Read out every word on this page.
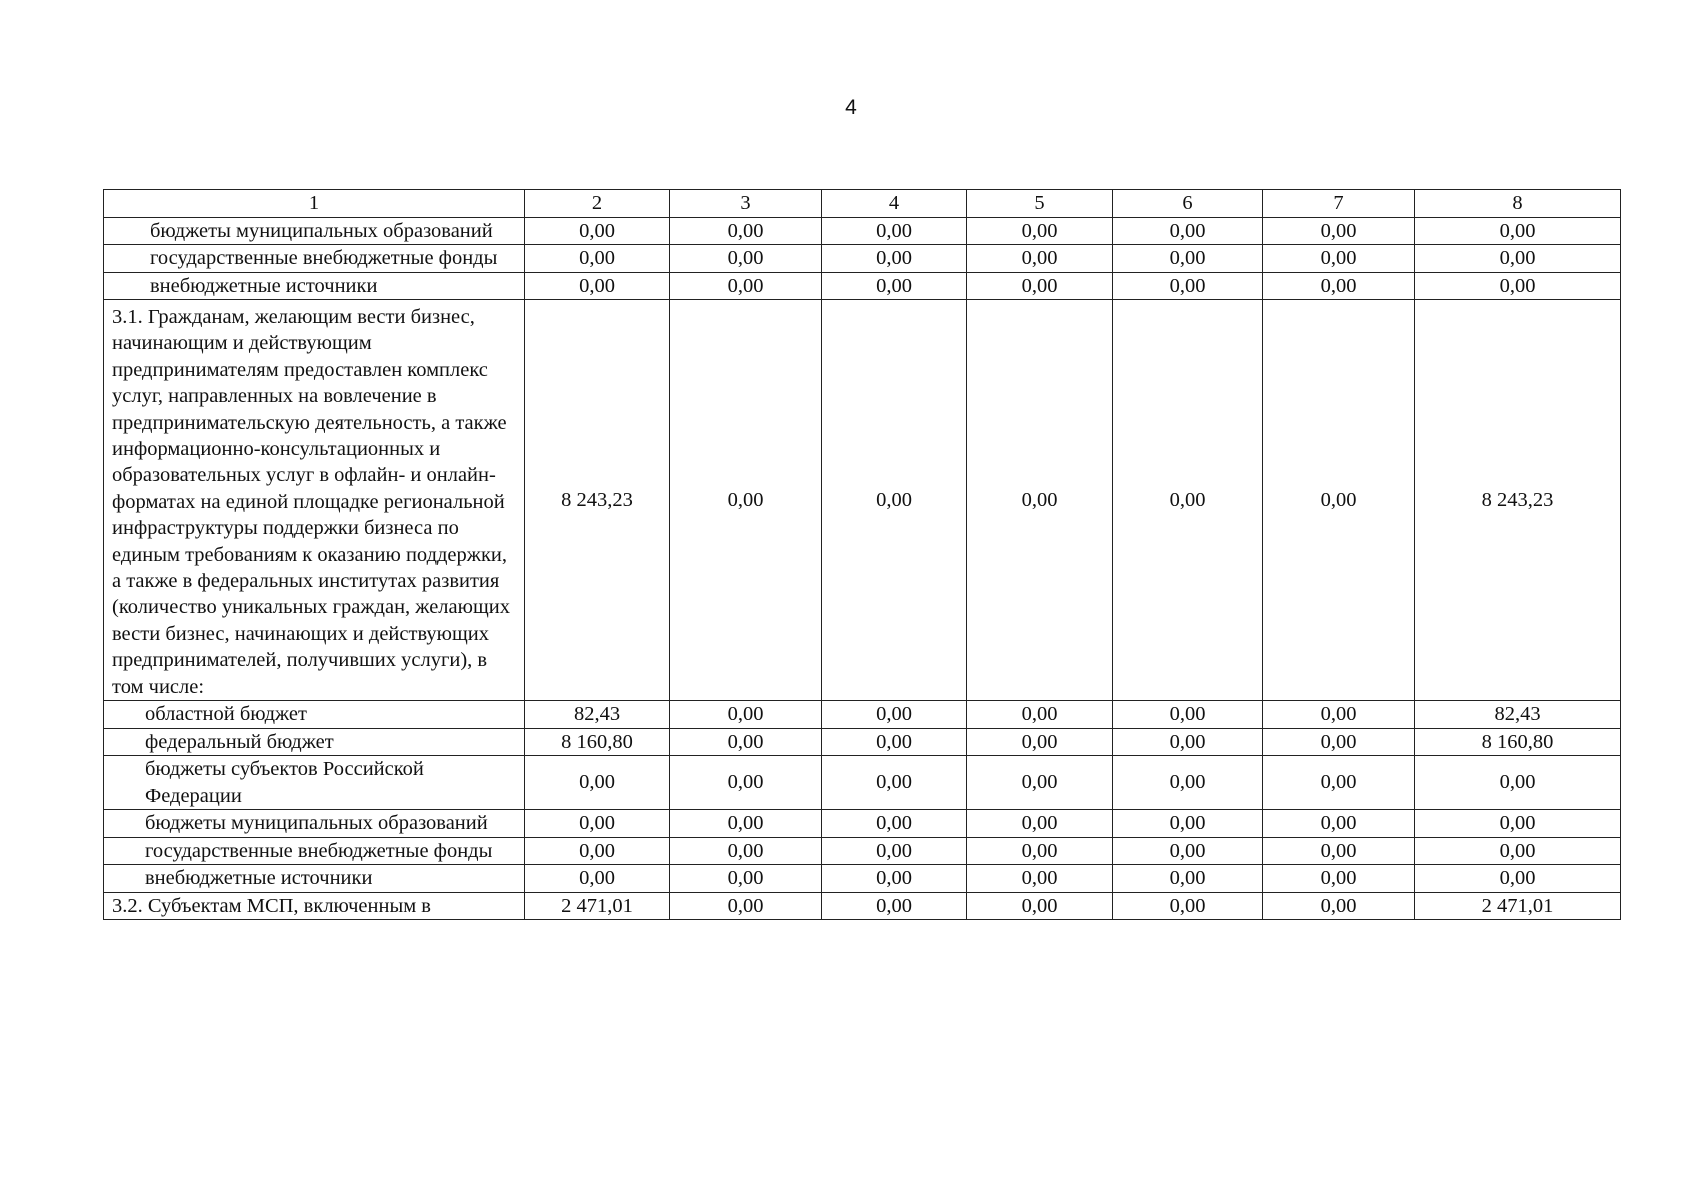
4
1	2	3	4	5	6	7	8
бюджеты муниципальных образований	0,00	0,00	0,00	0,00	0,00	0,00	0,00
государственные внебюджетные фонды	0,00	0,00	0,00	0,00	0,00	0,00	0,00
внебюджетные источники	0,00	0,00	0,00	0,00	0,00	0,00	0,00
3.1. Гражданам, желающим вести бизнес, начинающим и действующим предпринимателям предоставлен комплекс услуг, направленных на вовлечение в предпринимательскую деятельность, а также информационно-консультационных и образовательных услуг в офлайн- и онлайн-форматах на единой площадке региональной инфраструктуры поддержки бизнеса по единым требованиям к оказанию поддержки, а также в федеральных институтах развития (количество уникальных граждан, желающих вести бизнес, начинающих и действующих предпринимателей, получивших услуги), в том числе:	8 243,23	0,00	0,00	0,00	0,00	0,00	8 243,23
областной бюджет	82,43	0,00	0,00	0,00	0,00	0,00	82,43
федеральный бюджет	8 160,80	0,00	0,00	0,00	0,00	0,00	8 160,80
бюджеты субъектов Российской Федерации	0,00	0,00	0,00	0,00	0,00	0,00	0,00
бюджеты муниципальных образований	0,00	0,00	0,00	0,00	0,00	0,00	0,00
государственные внебюджетные фонды	0,00	0,00	0,00	0,00	0,00	0,00	0,00
внебюджетные источники	0,00	0,00	0,00	0,00	0,00	0,00	0,00
3.2. Субъектам МСП, включенным в	2 471,01	0,00	0,00	0,00	0,00	0,00	2 471,01
